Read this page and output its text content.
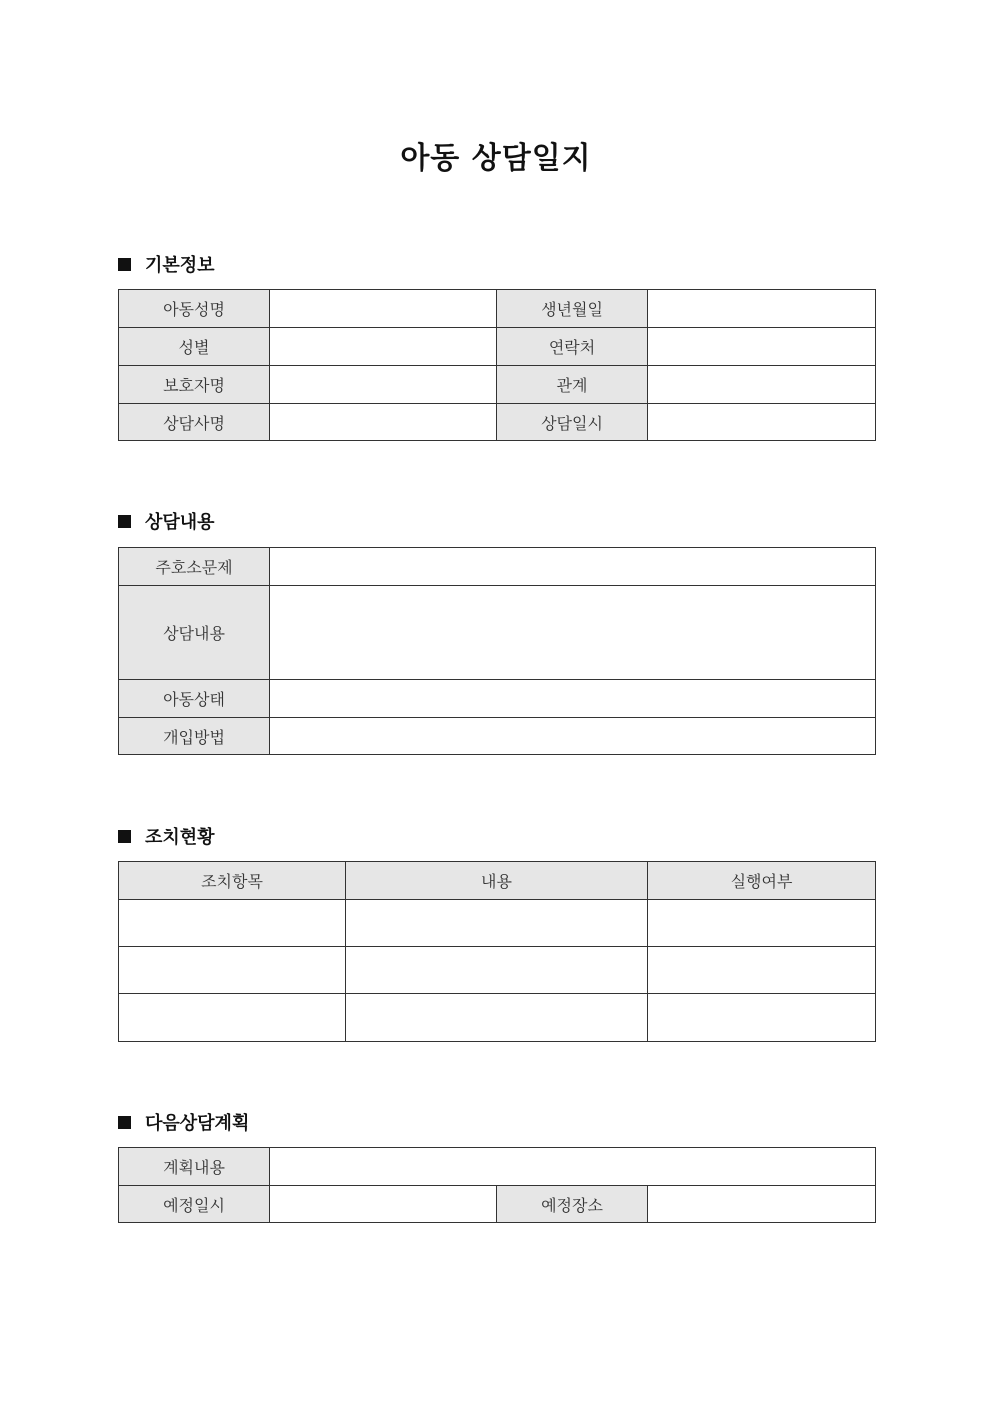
아동 상담일지
기본정보
아동성명		생년월일	
성별		연락처	
보호자명		관계	
상담사명		상담일시	
상담내용
주호소문제	
상담내용	
아동상태	
개입방법	
조치현황
조치항목	내용	실행여부

다음상담계획
계획내용			
예정일시		예정장소	
